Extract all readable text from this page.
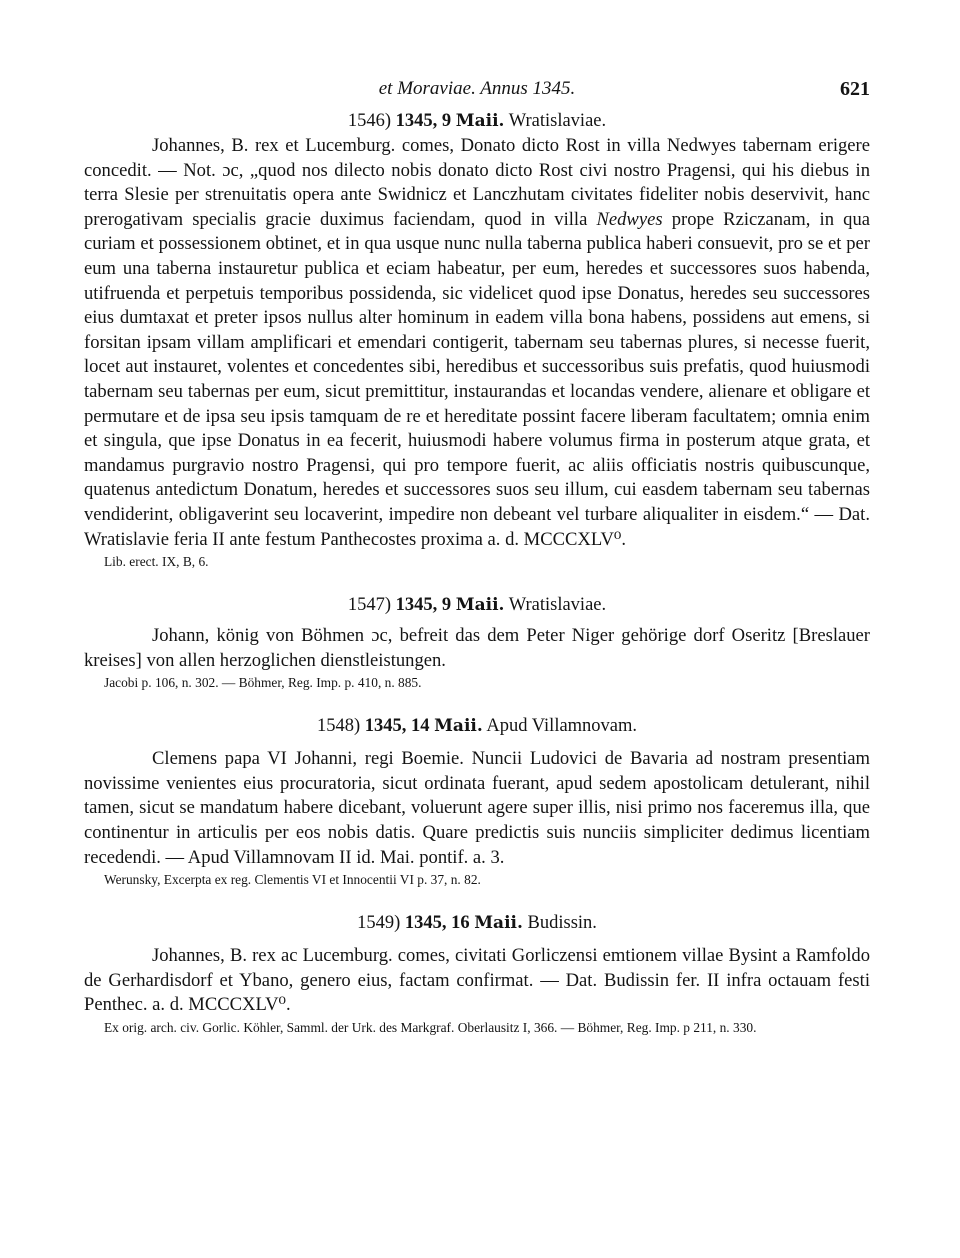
et Moraviae. Annus 1345.	621

1546) 1345, 9 Maii. Wratislaviae.

Johannes, B. rex et Lucemburg. comes, Donato dicto Rost in villa Nedwyes tabernam erigere concedit. — Not. ɔc, „quod nos dilecto nobis donato dicto Rost civi nostro Pragensi, qui his diebus in terra Slesie per strenuitatis opera ante Swidnicz et Lanczhutam civitates fideliter nobis deservivit, hanc prerogativam specialis gracie duximus faciendam, quod in villa Nedwyes prope Rziczanam, in qua curiam et possessionem obtinet, et in qua usque nunc nulla taberna publica haberi consuevit, pro se et per eum una taberna instauretur publica et eciam habeatur, per eum, heredes et successores suos habenda, utifruenda et perpetuis temporibus possidenda, sic videlicet quod ipse Donatus, heredes seu successores eius dumtaxat et preter ipsos nullus alter hominum in eadem villa bona habens, possidens aut emens, si forsitan ipsam villam amplificari et emendari contigerit, tabernam seu tabernas plures, si necesse fuerit, locet aut instauret, volentes et concedentes sibi, heredibus et successoribus suis prefatis, quod huiusmodi tabernam seu tabernas per eum, sicut premittitur, instaurandas et locandas vendere, alienare et obligare et permutare et de ipsa seu ipsis tamquam de re et hereditate possint facere liberam facultatem; omnia enim et singula, que ipse Donatus in ea fecerit, huiusmodi habere volumus firma in posterum atque grata, et mandamus purgravio nostro Pragensi, qui pro tempore fuerit, ac aliis officiatis nostris quibuscunque, quatenus antedictum Donatum, heredes et successores suos seu illum, cui easdem tabernam seu tabernas vendiderint, obligaverint seu locaverint, impedire non debeant vel turbare aliqualiter in eisdem.“ — Dat. Wratislavie feria II ante festum Panthecostes proxima a. d. MCCCXLV⁰.

Lib. erect. IX, B, 6.

1547) 1345, 9 Maii. Wratislaviae.

Johann, könig von Böhmen ɔc, befreit das dem Peter Niger gehörige dorf Oseritz [Breslauer kreises] von allen herzoglichen dienstleistungen.

Jacobi p. 106, n. 302. — Böhmer, Reg. Imp. p. 410, n. 885.

1548) 1345, 14 Maii. Apud Villamnovam.

Clemens papa VI Johanni, regi Boemie. Nuncii Ludovici de Bavaria ad nostram presentiam novissime venientes eius procuratoria, sicut ordinata fuerant, apud sedem apostolicam detulerant, nihil tamen, sicut se mandatum habere dicebant, voluerunt agere super illis, nisi primo nos faceremus illa, que continentur in articulis per eos nobis datis. Quare predictis suis nunciis simpliciter dedimus licentiam recedendi. — Apud Villamnovam II id. Mai. pontif. a. 3.

Werunsky, Excerpta ex reg. Clementis VI et Innocentii VI p. 37, n. 82.

1549) 1345, 16 Maii. Budissin.

Johannes, B. rex ac Lucemburg. comes, civitati Gorliczensi emtionem villae Bysint a Ramfoldo de Gerhardisdorf et Ybano, genero eius, factam confirmat. — Dat. Budissin fer. II infra octauam festi Penthec. a. d. MCCCXLV⁰.

Ex orig. arch. civ. Gorlic. Köhler, Samml. der Urk. des Markgraf. Oberlausitz I, 366. — Böhmer, Reg. Imp. p 211, n. 330.
